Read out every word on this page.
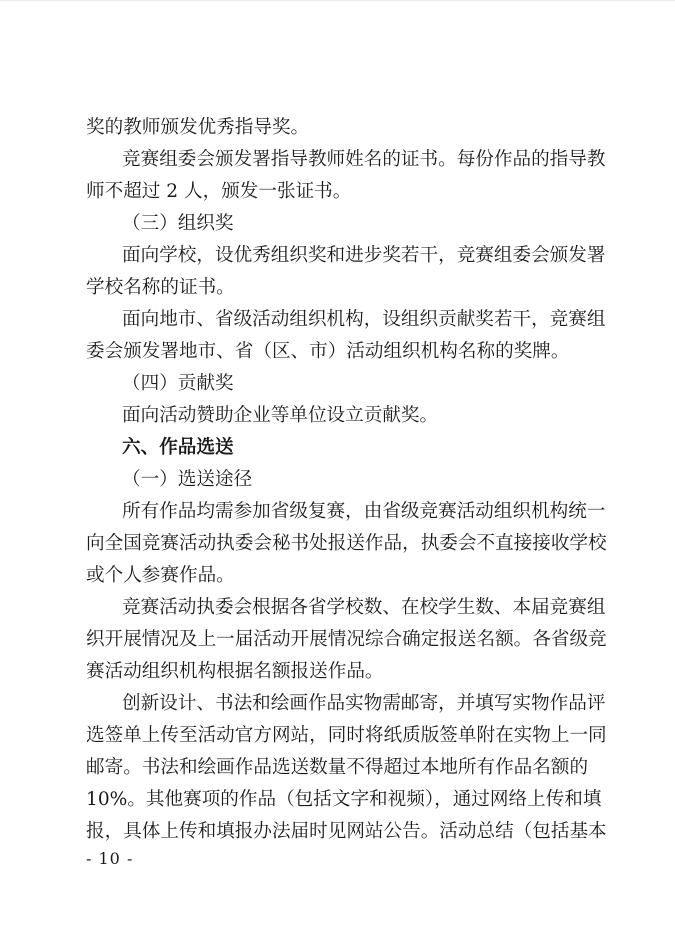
奖的教师颁发优秀指导奖。
竞赛组委会颁发署指导教师姓名的证书。每份作品的指导教
师不超过 2 人，颁发一张证书。
（三）组织奖
面向学校，设优秀组织奖和进步奖若干，竞赛组委会颁发署
学校名称的证书。
面向地市、省级活动组织机构，设组织贡献奖若干，竞赛组
委会颁发署地市、省（区、市）活动组织机构名称的奖牌。
（四）贡献奖
面向活动赞助企业等单位设立贡献奖。
六、作品选送
（一）选送途径
所有作品均需参加省级复赛，由省级竞赛活动组织机构统一
向全国竞赛活动执委会秘书处报送作品，执委会不直接接收学校
或个人参赛作品。
竞赛活动执委会根据各省学校数、在校学生数、本届竞赛组
织开展情况及上一届活动开展情况综合确定报送名额。各省级竞
赛活动组织机构根据名额报送作品。
创新设计、书法和绘画作品实物需邮寄，并填写实物作品评
选签单上传至活动官方网站，同时将纸质版签单附在实物上一同
邮寄。书法和绘画作品选送数量不得超过本地所有作品名额的
10%。其他赛项的作品（包括文字和视频），通过网络上传和填
报，具体上传和填报办法届时见网站公告。活动总结（包括基本
- 10 -
